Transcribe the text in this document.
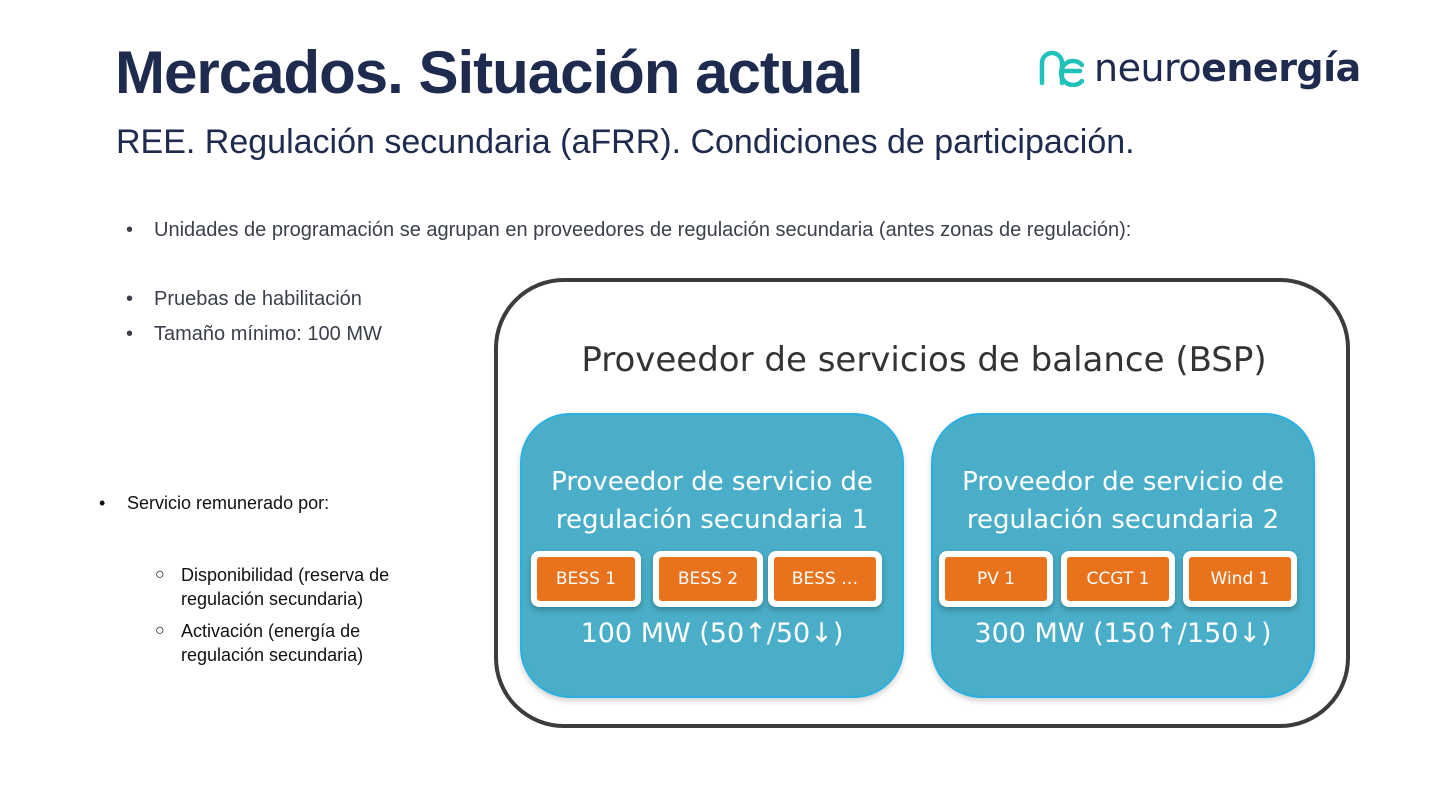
Mercados. Situación actual
REE. Regulación secundaria (aFRR). Condiciones de participación.
neuroenergía
• Unidades de programación se agrupan en proveedores de regulación secundaria (antes zonas de regulación):
• Pruebas de habilitación
• Tamaño mínimo: 100 MW
• Servicio remunerado por:
○ Disponibilidad (reserva de
regulación secundaria)
○ Activación (energía de
regulación secundaria)
Proveedor de servicios de balance (BSP)
Proveedor de servicio de
regulación secundaria 1
BESS 1	BESS 2	BESS …
100 MW (50↑/50↓)
Proveedor de servicio de
regulación secundaria 2
PV 1	CCGT 1	Wind 1
300 MW (150↑/150↓)
